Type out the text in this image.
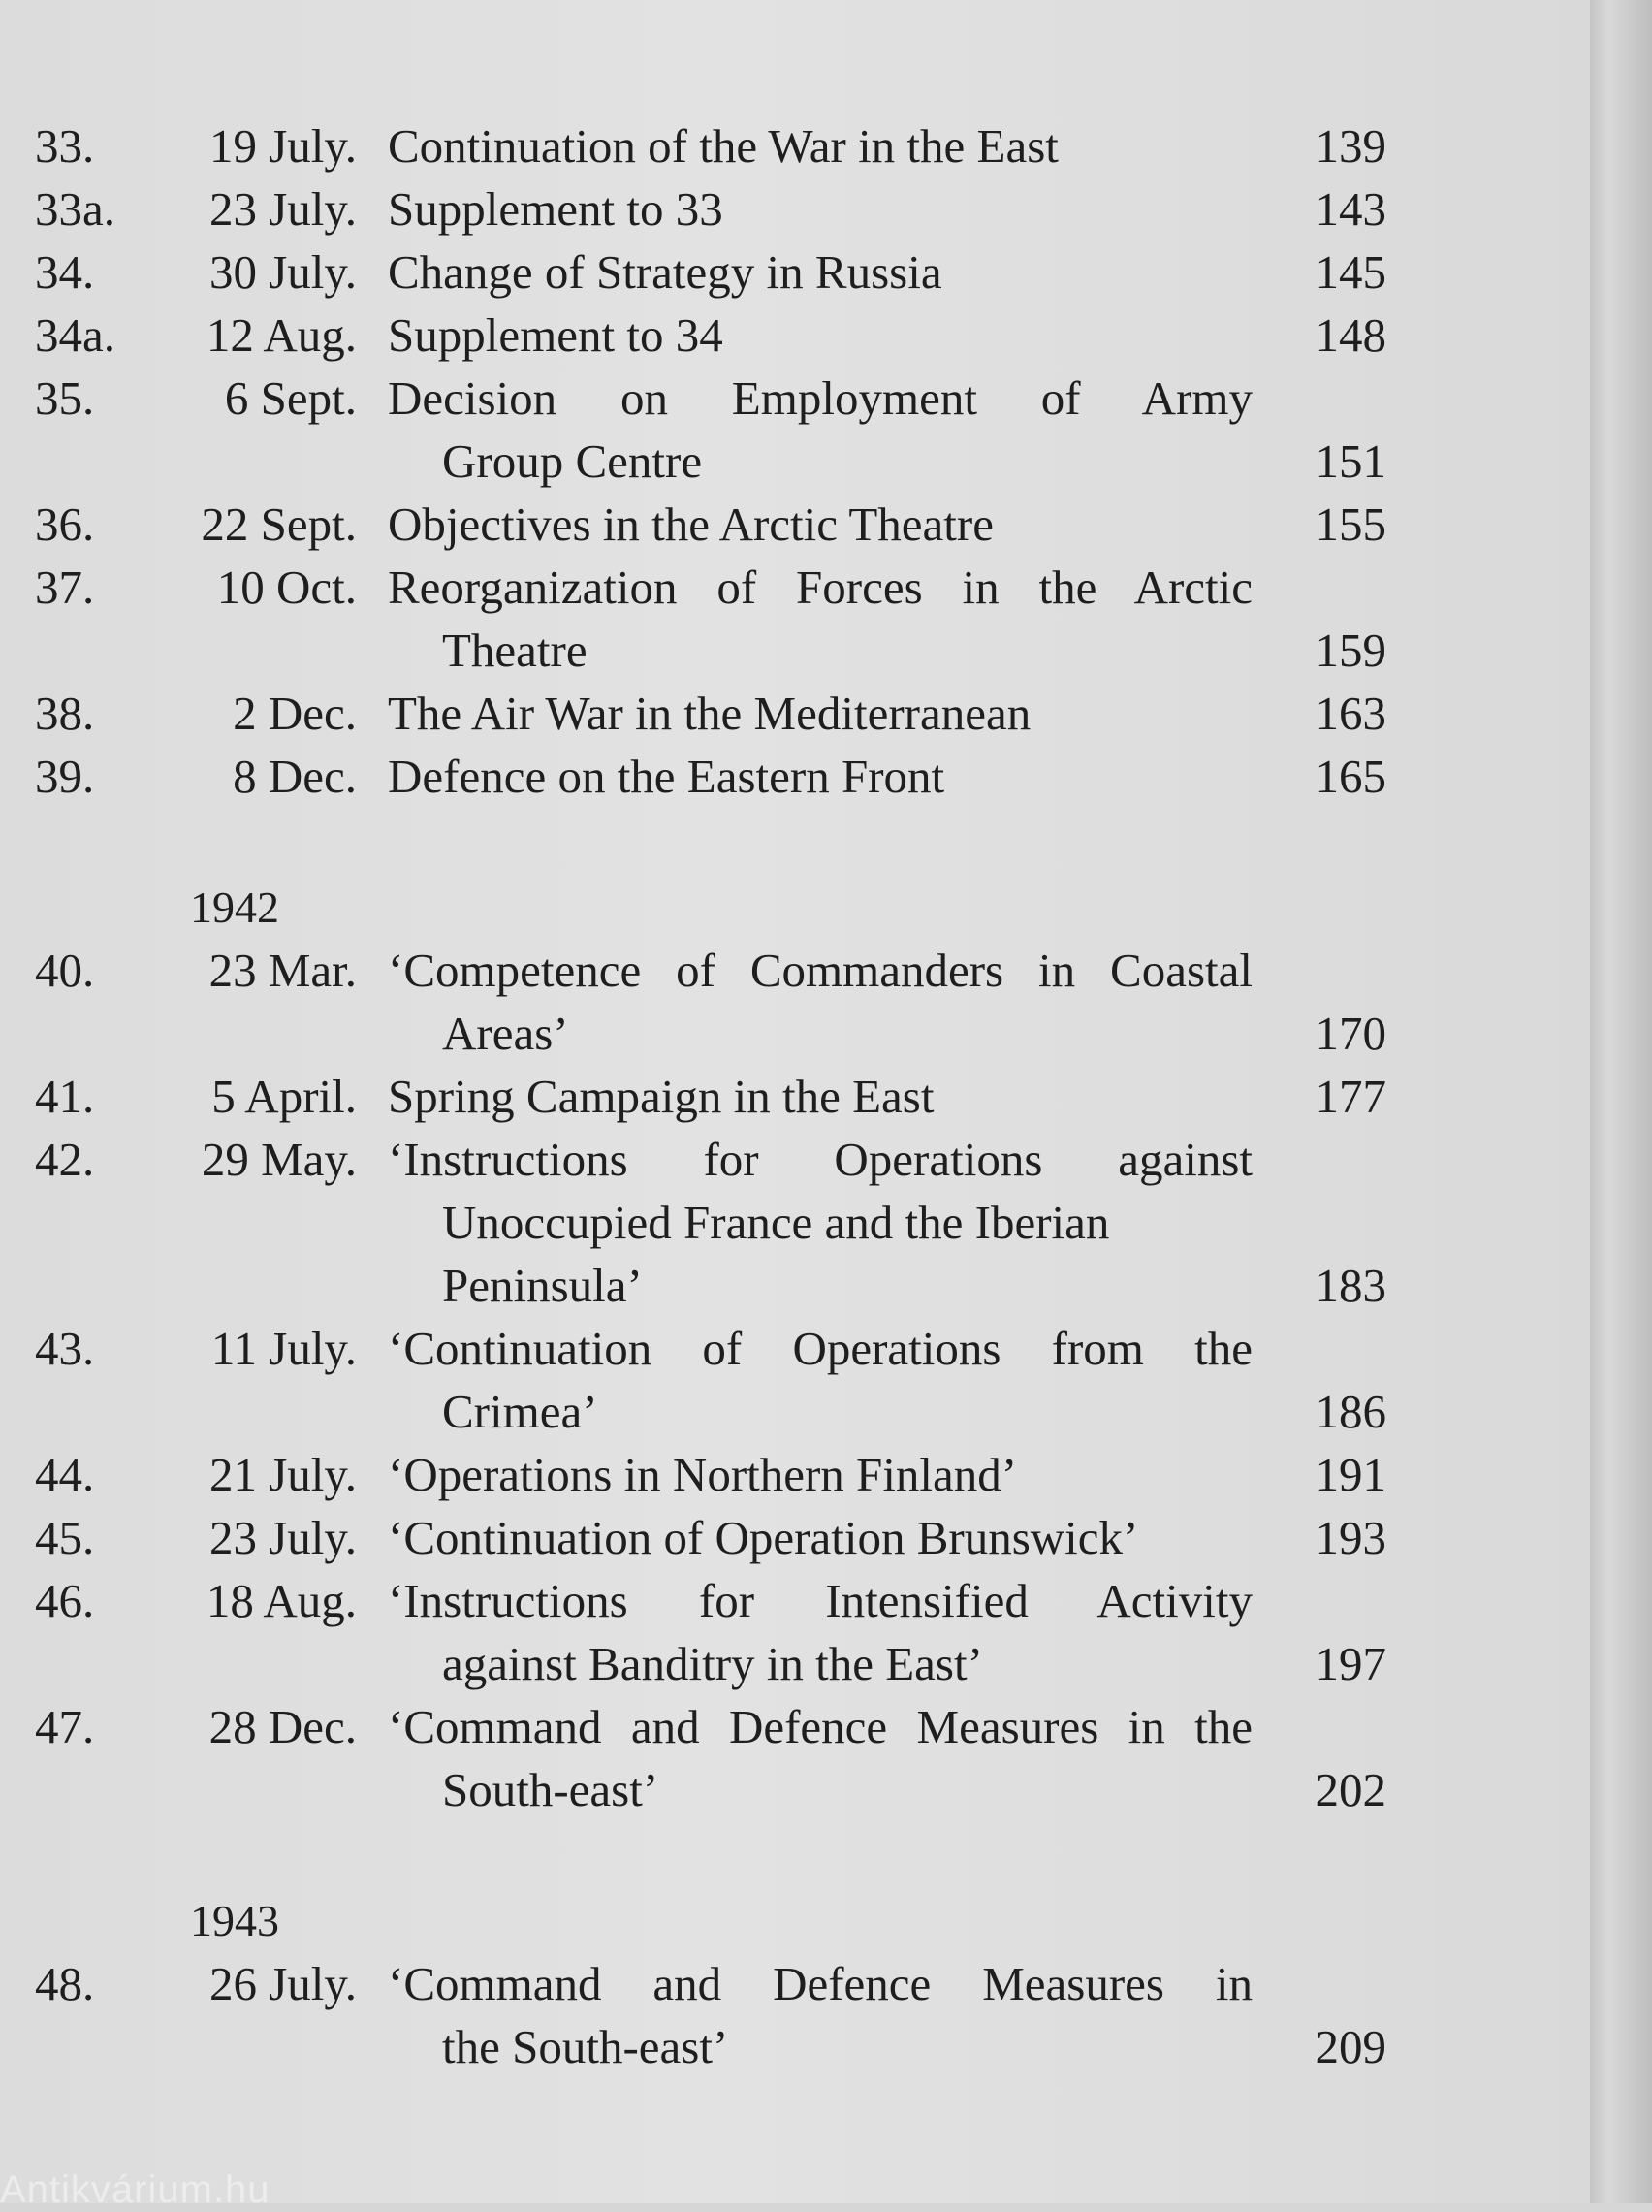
33.	19 July. Continuation of the War in the East	139
33a.	23 July. Supplement to 33	143
34.	30 July. Change of Strategy in Russia	145
34a.	12 Aug. Supplement to 34	148
35.	6 Sept. Decision on Employment of Army
Group Centre	151
36.	22 Sept. Objectives in the Arctic Theatre	155
37.	10 Oct. Reorganization of Forces in the Arctic
Theatre	159
38.	2 Dec. The Air War in the Mediterranean	163
39.	8 Dec. Defence on the Eastern Front	165
1942
40.	23 Mar. ‘Competence of Commanders in Coastal
Areas’	170
41.	5 April. Spring Campaign in the East	177
42.	29 May. ‘Instructions for Operations against
Unoccupied France and the Iberian
Peninsula’	183
43.	11 July. ‘Continuation of Operations from the
Crimea’	186
44.	21 July. ‘Operations in Northern Finland’	191
45.	23 July. ‘Continuation of Operation Brunswick’	193
46.	18 Aug. ‘Instructions for Intensified Activity
against Banditry in the East’	197
47.	28 Dec. ‘Command and Defence Measures in the
South-east’	202
1943
48.	26 July. ‘Command and Defence Measures in
the South-east’	209
Antikvárium.hu
